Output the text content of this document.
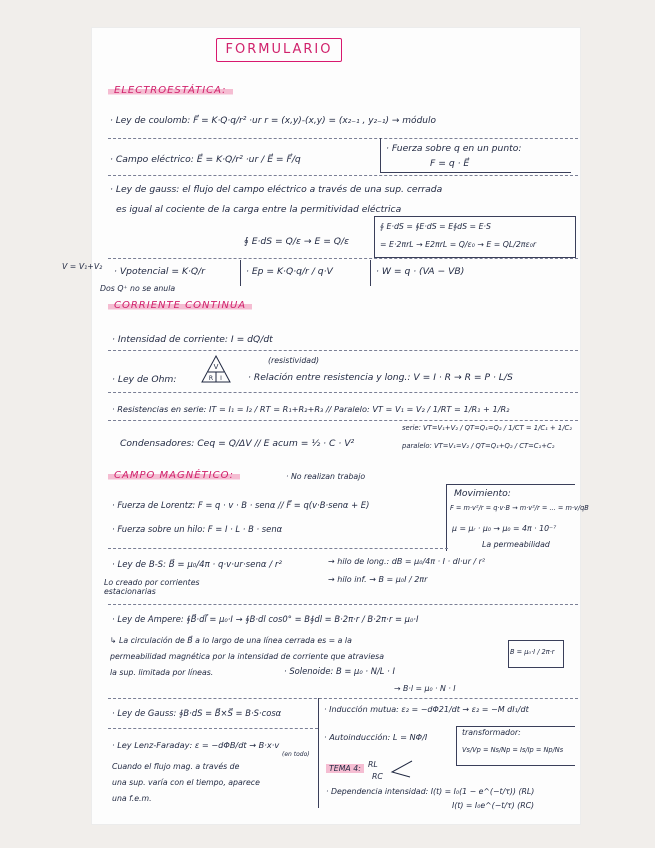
FORMULARIO
ELECTROESTÁTICA:
· Ley de coulomb: F⃗ = K·Q·q/r² ·ur r = (x,y)-(x,y) = (x₂₋₁ , y₂₋₁) → módulo
· Campo eléctrico: E⃗ = K·Q/r² ·ur / E⃗ = F⃗/q
· Fuerza sobre q en un punto:
F = q · E⃗
· Ley de gauss: el flujo del campo eléctrico a través de una sup. cerrada
es igual al cociente de la carga entre la permitividad eléctrica
∮ E·dS = Q/ε → E = Q/ε
∮ E·dS = ∮E·dS = E∮dS = E·S
= E·2πrL → E2πrL = Q/ε₀ → E = QL/2πε₀r
V = V₁+V₂
Dos Q⁺ no se anula
· Vpotencial = K·Q/r	· Ep = K·Q·q/r / q·V	· W = q · (VA − VB)
CORRIENTE CONTINUA
· Intensidad de corriente: I = dQ/dt
· Ley de Ohm:
V
R I
(resistividad)
· Relación entre resistencia y long.: V = I · R → R = P · L/S
· Resistencias en serie: IT = I₁ = I₂ / RT = R₁+R₂+R₃ // Paralelo: VT = V₁ = V₂ / 1/RT = 1/R₁ + 1/R₂
Condensadores: Ceq = Q/ΔV // E acum = ½ · C · V²
serie: VT=V₁+V₂ / QT=Q₁=Q₂ / 1/CT = 1/C₁ + 1/C₂
paralelo: VT=V₁=V₂ / QT=Q₁+Q₂ / CT=C₁+C₂
CAMPO MAGNÉTICO:	· No realizan trabajo
· Fuerza de Lorentz: F = q · v · B · senα // F⃗ = q(v·B·senα + E)
· Fuerza sobre un hilo: F = I · L · B · senα
Movimiento:
F = m·v²/r = q·v·B → m·v²/r = ... = m·v/qB
μ = μᵣ · μ₀ → μ₀ = 4π · 10⁻⁷
La permeabilidad
· Ley de B-S: B⃗ = μ₀/4π · q·v·ur·senα / r²	→ hilo de long.: dB = μ₀/4π · I · dl·ur / r²
→ hilo inf. → B = μ₀I / 2πr
Lo creado por corrientes estacionarias
· Ley de Ampere: ∮B⃗·dl⃗ = μ₀·I → ∮B·dl cos0° = B∮dl = B·2π·r / B·2π·r = μ₀·I
↳ La circulación de B⃗ a lo largo de una línea cerrada es = a la
permeabilidad magnética por la intensidad de corriente que atraviesa
la sup. limitada por líneas.	· Solenoide: B = μ₀ · N/L · I
→ B·l = μ₀ · N · I
B = μ₀·I / 2π·r
· Ley de Gauss: ∮B·dS = B⃗×S⃗ = B·S·cosα	· Inducción mutua: ε₂ = −dΦ21/dt → ε₂ = −M dI₁/dt
· Ley Lenz-Faraday: ε = −dΦB/dt → B·x·v
(en todo)
Cuando el flujo mag. a través de
una sup. varía con el tiempo, aparece
una f.e.m.
· Autoinducción: L = NΦ/I	transformador:
Vs/Vp = Ns/Np = Is/Ip = Np/Ns
TEMA 4: RL
RC
· Dependencia intensidad: I(t) = I₀(1 − e^(−t/τ)) (RL)
I(t) = I₀e^(−t/τ) (RC)
